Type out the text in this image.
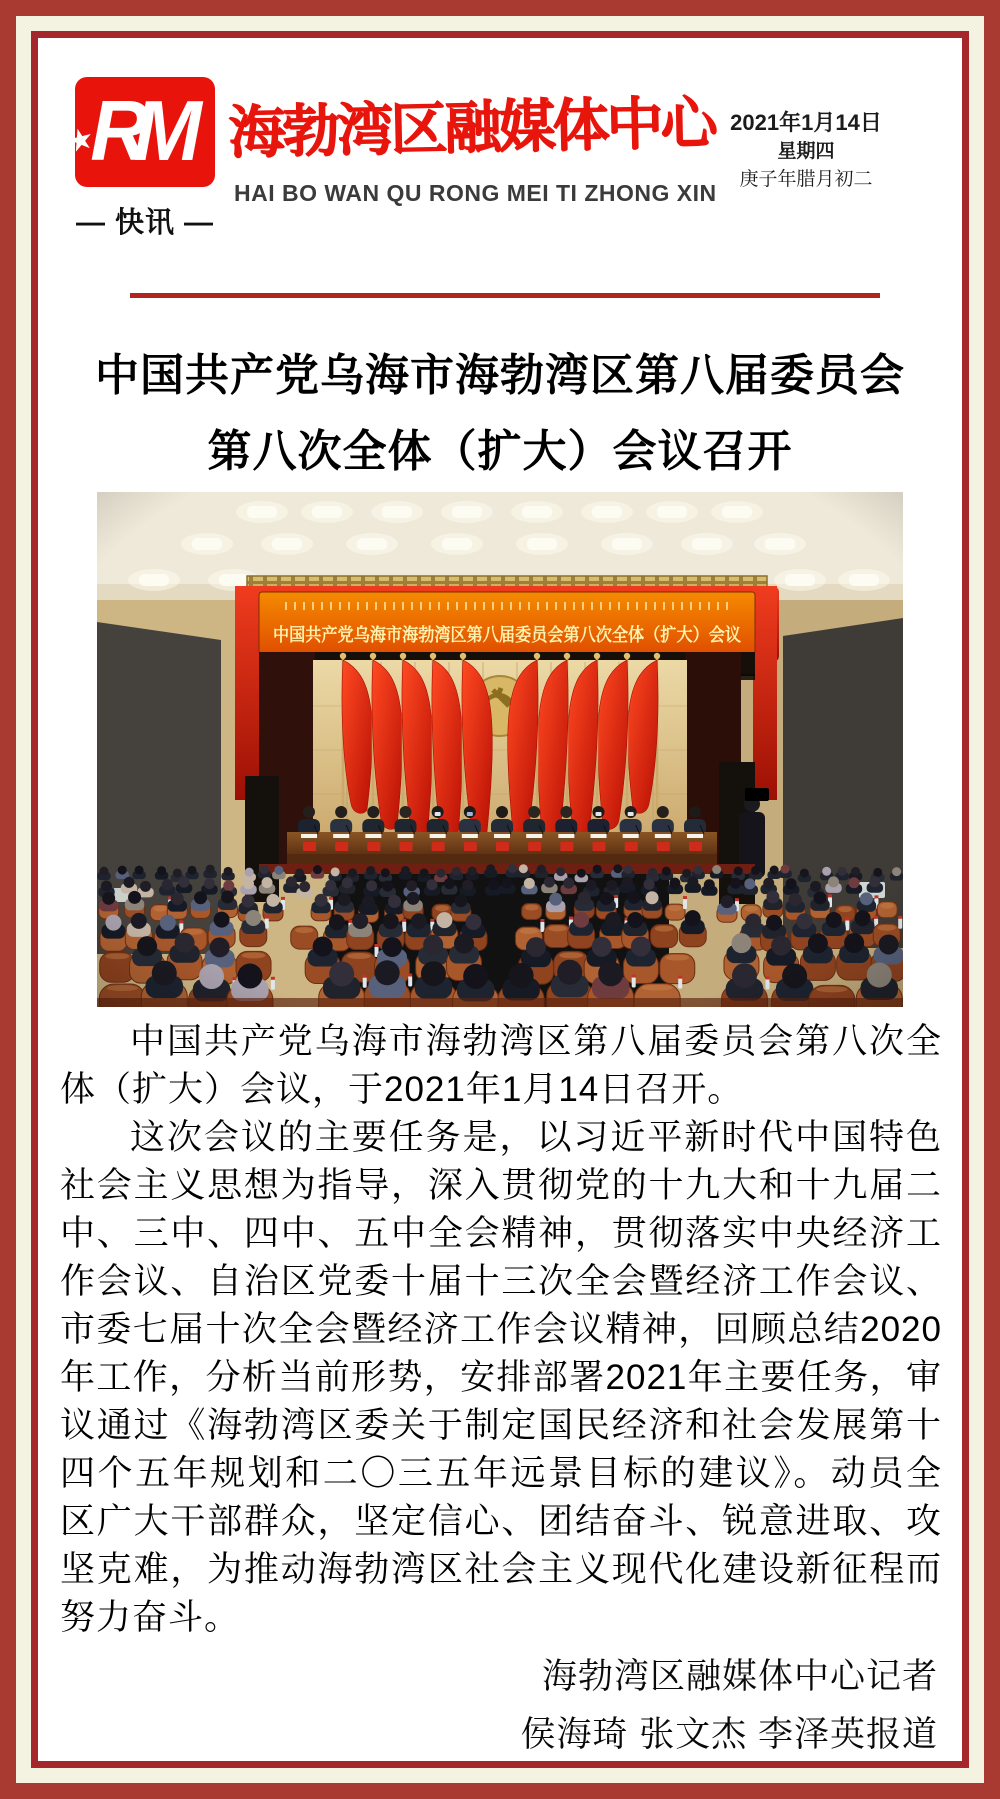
★
RM
— 快讯 —
海勃湾区融媒体中心
HAI BO WAN QU RONG MEI TI ZHONG XIN
2021年1月14日
星期四
庚子年腊月初二
中国共产党乌海市海勃湾区第八届委员会
第八次全体（扩大）会议召开

中国共产党乌海市海勃湾区第八届委员会第八次全体（扩大）会议，于2021年1月14日召开。

这次会议的主要任务是，以习近平新时代中国特色社会主义思想为指导，深入贯彻党的十九大和十九届二中、三中、四中、五中全会精神，贯彻落实中央经济工作会议、自治区党委十届十三次全会暨经济工作会议、市委七届十次全会暨经济工作会议精神，回顾总结2020年工作，分析当前形势，安排部署2021年主要任务，审议通过《海勃湾区委关于制定国民经济和社会发展第十四个五年规划和二〇三五年远景目标的建议》。动员全区广大干部群众，坚定信心、团结奋斗、锐意进取、攻坚克难，为推动海勃湾区社会主义现代化建设新征程而努力奋斗。

海勃湾区融媒体中心记者
侯海琦 张文杰 李泽英报道
